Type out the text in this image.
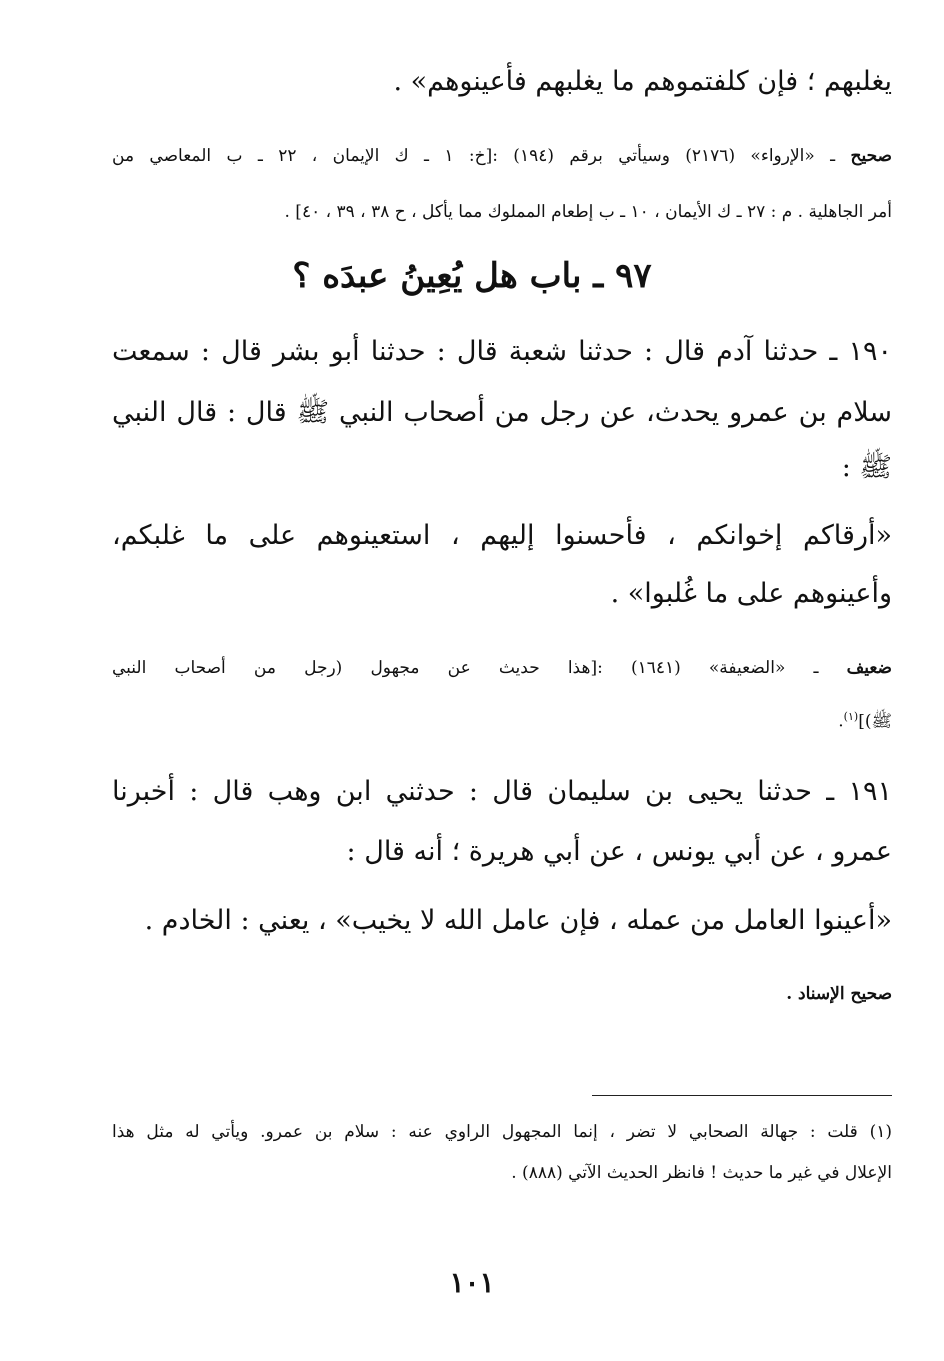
يغلبهم ؛ فإن كلفتموهم ما يغلبهم فأعينوهم» .
صحيح ـ «الإرواء» (٢١٧٦) وسيأتي برقم (١٩٤) :[خ: ١ ـ ك الإيمان ، ٢٢ ـ ب المعاصي من
أمر الجاهلية . م : ٢٧ ـ ك الأيمان ، ١٠ ـ ب إطعام المملوك مما يأكل ، ح ٣٨ ، ٣٩ ، ٤٠] .
٩٧ ـ باب هل يُعِينُ عبدَه ؟
١٩٠ ـ حدثنا آدم قال : حدثنا شعبة قال : حدثنا أبو بشر قال : سمعت
سلام بن عمرو يحدث، عن رجل من أصحاب النبي ﷺ قال : قال النبي
ﷺ :
«أرقاكم إخوانكم ، فأحسنوا إليهم ، استعينوهم على ما غلبكم،
وأعينوهم على ما غُلبوا» .
ضعيف ـ «الضعيفة» (١٦٤١) :[هذا حديث عن مجهول (رجل من أصحاب النبي
ﷺ)]$^{(١)}$.
١٩١ ـ حدثنا يحيى بن سليمان قال : حدثني ابن وهب قال : أخبرنا
عمرو ، عن أبي يونس ، عن أبي هريرة ؛ أنه قال :
«أعينوا العامل من عمله ، فإن عامل الله لا يخيب» ، يعني : الخادم .
صحيح الإسناد .
(١) قلت : جهالة الصحابي لا تضر ، إنما المجهول الراوي عنه : سلام بن عمرو. ويأتي له مثل هذا
الإعلال في غير ما حديث ! فانظر الحديث الآتي (٨٨٨) .
١٠١
